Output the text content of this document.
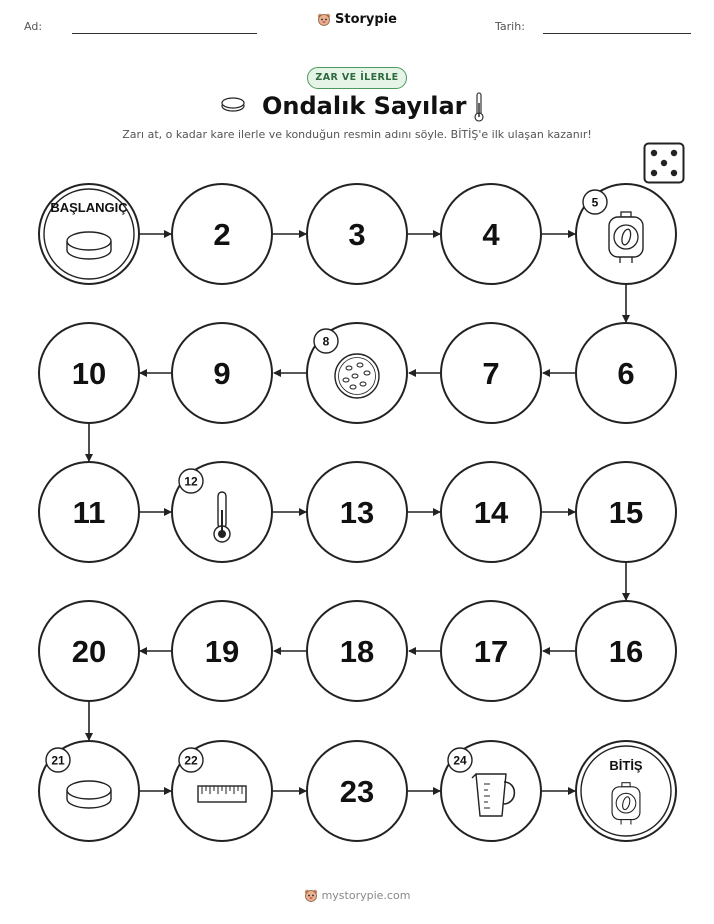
Ad:	Storypie	Tarih:
ZAR VE İLERLE
Ondalık Sayılar
Zarı at, o kadar kare ilerle ve konduğun resmin adını söyle. BİTİŞ'e ilk ulaşan kazanır!
BAŞLANGIÇ
2	3	4
5
10	9
8
7	6
11
12
13	14	15
20	19	18	17	16
21	22
23
24	BİTİŞ
mystorypie.com
